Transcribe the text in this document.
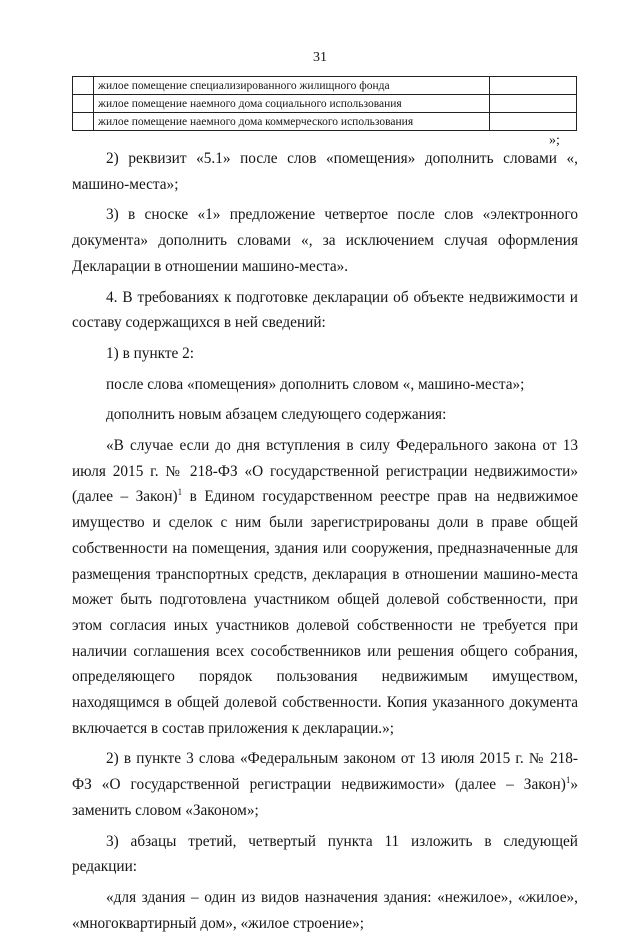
31
	жилое помещение специализированного жилищного фонда	
	жилое помещение наемного дома социального использования	
	жилое помещение наемного дома коммерческого использования	
»;

2) реквизит «5.1» после слов «помещения» дополнить словами «, машино-места»;

3) в сноске «1» предложение четвертое после слов «электронного документа» дополнить словами «, за исключением случая оформления Декларации в отношении машино-места».

4. В требованиях к подготовке декларации об объекте недвижимости и составу содержащихся в ней сведений:

1) в пункте 2:

после слова «помещения» дополнить словом «, машино-места»;

дополнить новым абзацем следующего содержания:

«В случае если до дня вступления в силу Федерального закона от 13 июля 2015 г. № 218-ФЗ «О государственной регистрации недвижимости» (далее – Закон)$^1$ в Едином государственном реестре прав на недвижимое имущество и сделок с ним были зарегистрированы доли в праве общей собственности на помещения, здания или сооружения, предназначенные для размещения транспортных средств, декларация в отношении машино-места может быть подготовлена участником общей долевой собственности, при этом согласия иных участников долевой собственности не требуется при наличии соглашения всех сособственников или решения общего собрания, определяющего порядок пользования недвижимым имуществом, находящимся в общей долевой собственности. Копия указанного документа включается в состав приложения к декларации.»;

2) в пункте 3 слова «Федеральным законом от 13 июля 2015 г. № 218-ФЗ «О государственной регистрации недвижимости» (далее – Закон)$^1$» заменить словом «Законом»;

3) абзацы третий, четвертый пункта 11 изложить в следующей редакции:

«для здания – один из видов назначения здания: «нежилое», «жилое», «многоквартирный дом», «жилое строение»;
